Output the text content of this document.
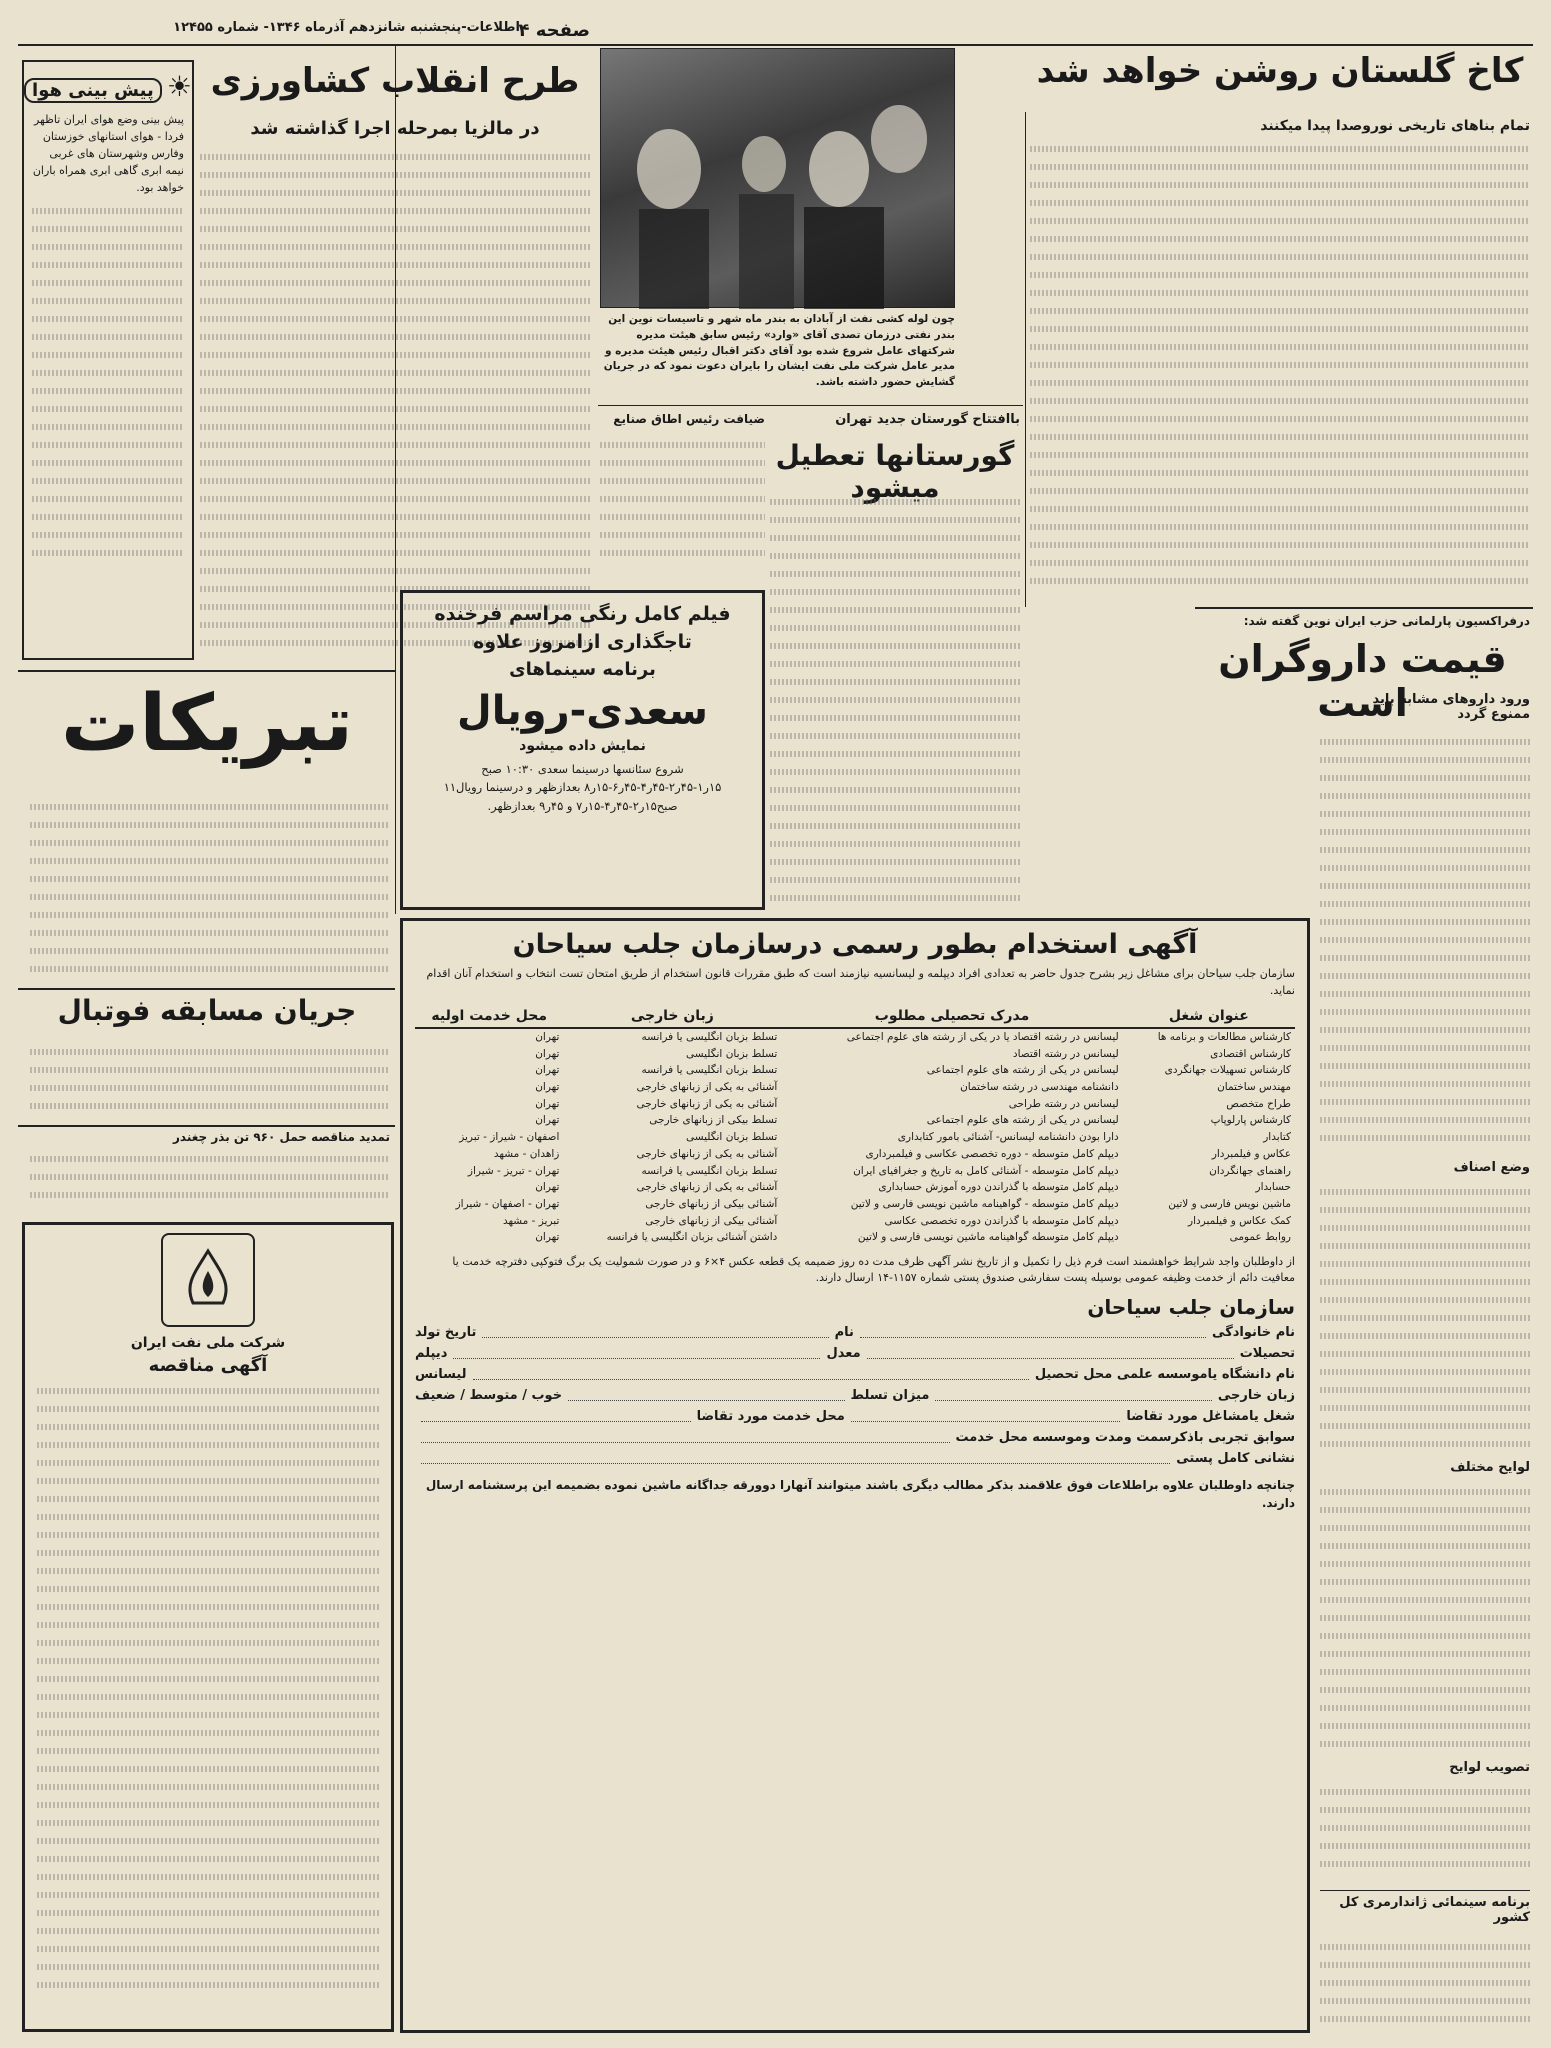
اطلاعات-پنجشنبه شانزدهم آذرماه ۱۳۴۶- شماره ۱۲۴۵۵
صفحه ۴
کاخ گلستان روشن خواهد شد
تمام بناهای تاریخی نوروصدا پیدا میکنند
درفراکسیون پارلمانی حزب ایران نوین گفته شد:
قیمت داروگران است
ورود داروهای مشابه باید ممنوع گردد
وضع اصناف
لوایح مختلف
تصویب لوایح
برنامه سینمائی ژاندارمری کل کشور
چون لوله کشی نفت از آبادان به بندر ماه شهر و تاسیسات نوین این بندر نفتی درزمان تصدی آقای «وارد» رئیس سابق هیئت مدیره شرکتهای عامل شروع شده بود آقای دکتر اقبال رئیس هیئت مدیره و مدیر عامل شرکت ملی نفت ایشان را بایران دعوت نمود که در جریان گشایش حضور داشته باشد.
طرح انقلاب کشاورزی
در مالزیا بمرحله اجرا گذاشته شد
باافتتاح گورستان جدید تهران
گورستانها تعطیل میشود
ضیافت رئیس اطاق صنایع
فیلم کامل رنگی مراسم فرخنده
تاجگذاری ازامروز علاوه
برنامه سینماهای
سعدی-رویال
نمایش داده میشود
شروع سئانسها درسینما سعدی ۱۰:۳۰ صبح ۱۵ر۱-۴۵ر۲-۴۵ر۴-۴۵ر۶-۱۵ر۸ بعدازظهر و درسینما رویال۱۱ صبح۱۵ر۲-۴۵ر۴-۱۵ر۷ و ۴۵ر۹ بعدازظهر.
☀ پیش بینی هوا
پیش بینی وضع هوای ایران تاظهر فردا - هوای استانهای خوزستان وفارس وشهرستان های غربی نیمه ابری گاهی ابری همراه باران خواهد بود.
تبریکات
جریان مسابقه فوتبال
تمدید مناقصه حمل ۹۶۰ تن بذر چغندر
شرکت ملی نفت ایران
آگهی مناقصه
آگهی استخدام بطور رسمی درسازمان جلب سیاحان
سازمان جلب سیاحان برای مشاغل زیر بشرح جدول حاضر به تعدادی افراد دیپلمه و لیسانسیه نیازمند است که طبق مقررات قانون استخدام از طریق امتحان تست انتخاب و استخدام آنان اقدام نماید.
عنوان شغل	مدرک تحصیلی مطلوب	زبان خارجی	محل خدمت اولیه
کارشناس مطالعات و برنامه ها	لیسانس در رشته اقتصاد یا در یکی از رشته های علوم اجتماعی	تسلط بزبان انگلیسی یا فرانسه	تهران
کارشناس اقتصادی	لیسانس در رشته اقتصاد	تسلط بزبان انگلیسی	تهران
کارشناس تسهیلات جهانگردی	لیسانس در یکی از رشته های علوم اجتماعی	تسلط بزبان انگلیسی یا فرانسه	تهران
مهندس ساختمان	دانشنامه مهندسی در رشته ساختمان	آشنائی به یکی از زبانهای خارجی	تهران
طراح متخصص	لیسانس در رشته طراحی	آشنائی به یکی از زبانهای خارجی	تهران
کارشناس پارلوپاپ	لیسانس در یکی از رشته های علوم اجتماعی	تسلط بیکی از زبانهای خارجی	تهران
کتابدار	دارا بودن دانشنامه لیسانس- آشنائی بامور کتابداری	تسلط بزبان انگلیسی	اصفهان - شیراز - تبریز
عکاس و فیلمبردار	دیپلم کامل متوسطه - دوره تخصصی عکاسی و فیلمبرداری	آشنائی به یکی از زبانهای خارجی	زاهدان - مشهد
راهنمای جهانگردان	دیپلم کامل متوسطه - آشنائی کامل به تاریخ و جغرافیای ایران	تسلط بزبان انگلیسی یا فرانسه	تهران - تبریز - شیراز
حسابدار	دیپلم کامل متوسطه با گذراندن دوره آموزش حسابداری	آشنائی به یکی از زبانهای خارجی	تهران
ماشین نویس فارسی و لاتین	دیپلم کامل متوسطه - گواهینامه ماشین نویسی فارسی و لاتین	آشنائی بیکی از زبانهای خارجی	تهران - اصفهان - شیراز
کمک عکاس و فیلمبردار	دیپلم کامل متوسطه با گذراندن دوره تخصصی عکاسی	آشنائی بیکی از زبانهای خارجی	تبریز - مشهد
روابط عمومی	دیپلم کامل متوسطه گواهینامه ماشین نویسی فارسی و لاتین	داشتن آشنائی بزبان انگلیسی یا فرانسه	تهران
از داوطلبان واجد شرایط خواهشمند است فرم ذیل را تکمیل و از تاریخ نشر آگهی ظرف مدت ده روز ضمیمه یک قطعه عکس ۴×۶ و در صورت شمولیت یک برگ فتوکپی دفترچه خدمت یا معافیت دائم از خدمت وظیفه عمومی بوسیله پست سفارشی صندوق پستی شماره ۱۱۵۷-۱۴ ارسال دارند.
سازمان جلب سیاحان
نام خانوادگی
نام
تاریخ تولد
تحصیلات
معدل
دیپلم
نام دانشگاه یاموسسه علمی محل تحصیل
لیسانس
زبان خارجی
میزان تسلط
خوب / متوسط / ضعیف
شغل یامشاغل مورد تقاضا
محل خدمت مورد تقاضا
سوابق تجربی باذکرسمت ومدت وموسسه محل خدمت
نشانی کامل پستی
چنانچه داوطلبان علاوه براطلاعات فوق علاقمند بذکر مطالب دیگری باشند میتوانند آنهارا دوورقه جداگانه ماشین نموده بضمیمه این پرسشنامه ارسال دارند.
